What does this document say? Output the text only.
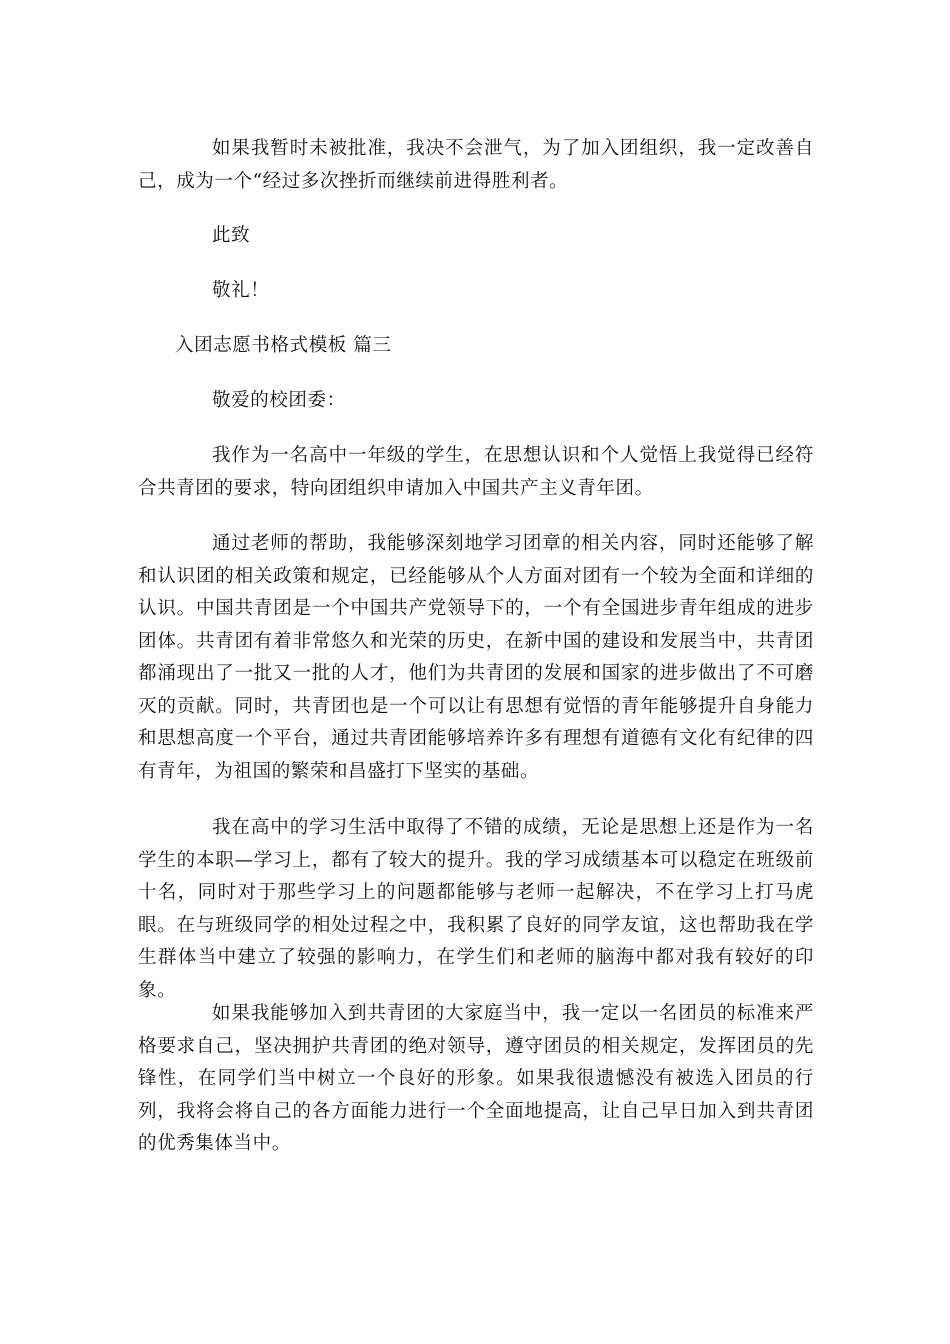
如果我暂时未被批准，我决不会泄气，为了加入团组织，我一定改善自己，成为一个“经过多次挫折而继续前进得胜利者。

此致

敬礼！

入团志愿书格式模板 篇三

敬爱的校团委：

我作为一名高中一年级的学生，在思想认识和个人觉悟上我觉得已经符合共青团的要求，特向团组织申请加入中国共产主义青年团。

通过老师的帮助，我能够深刻地学习团章的相关内容，同时还能够了解和认识团的相关政策和规定，已经能够从个人方面对团有一个较为全面和详细的认识。中国共青团是一个中国共产党领导下的，一个有全国进步青年组成的进步团体。共青团有着非常悠久和光荣的历史，在新中国的建设和发展当中，共青团都涌现出了一批又一批的人才，他们为共青团的发展和国家的进步做出了不可磨灭的贡献。同时，共青团也是一个可以让有思想有觉悟的青年能够提升自身能力和思想高度一个平台，通过共青团能够培养许多有理想有道德有文化有纪律的四有青年，为祖国的繁荣和昌盛打下坚实的基础。

我在高中的学习生活中取得了不错的成绩，无论是思想上还是作为一名学生的本职—学习上，都有了较大的提升。我的学习成绩基本可以稳定在班级前十名，同时对于那些学习上的问题都能够与老师一起解决，不在学习上打马虎眼。在与班级同学的相处过程之中，我积累了良好的同学友谊，这也帮助我在学生群体当中建立了较强的影响力，在学生们和老师的脑海中都对我有较好的印象。

如果我能够加入到共青团的大家庭当中，我一定以一名团员的标准来严格要求自己，坚决拥护共青团的绝对领导，遵守团员的相关规定，发挥团员的先锋性，在同学们当中树立一个良好的形象。如果我很遗憾没有被选入团员的行列，我将会将自己的各方面能力进行一个全面地提高，让自己早日加入到共青团的优秀集体当中。
